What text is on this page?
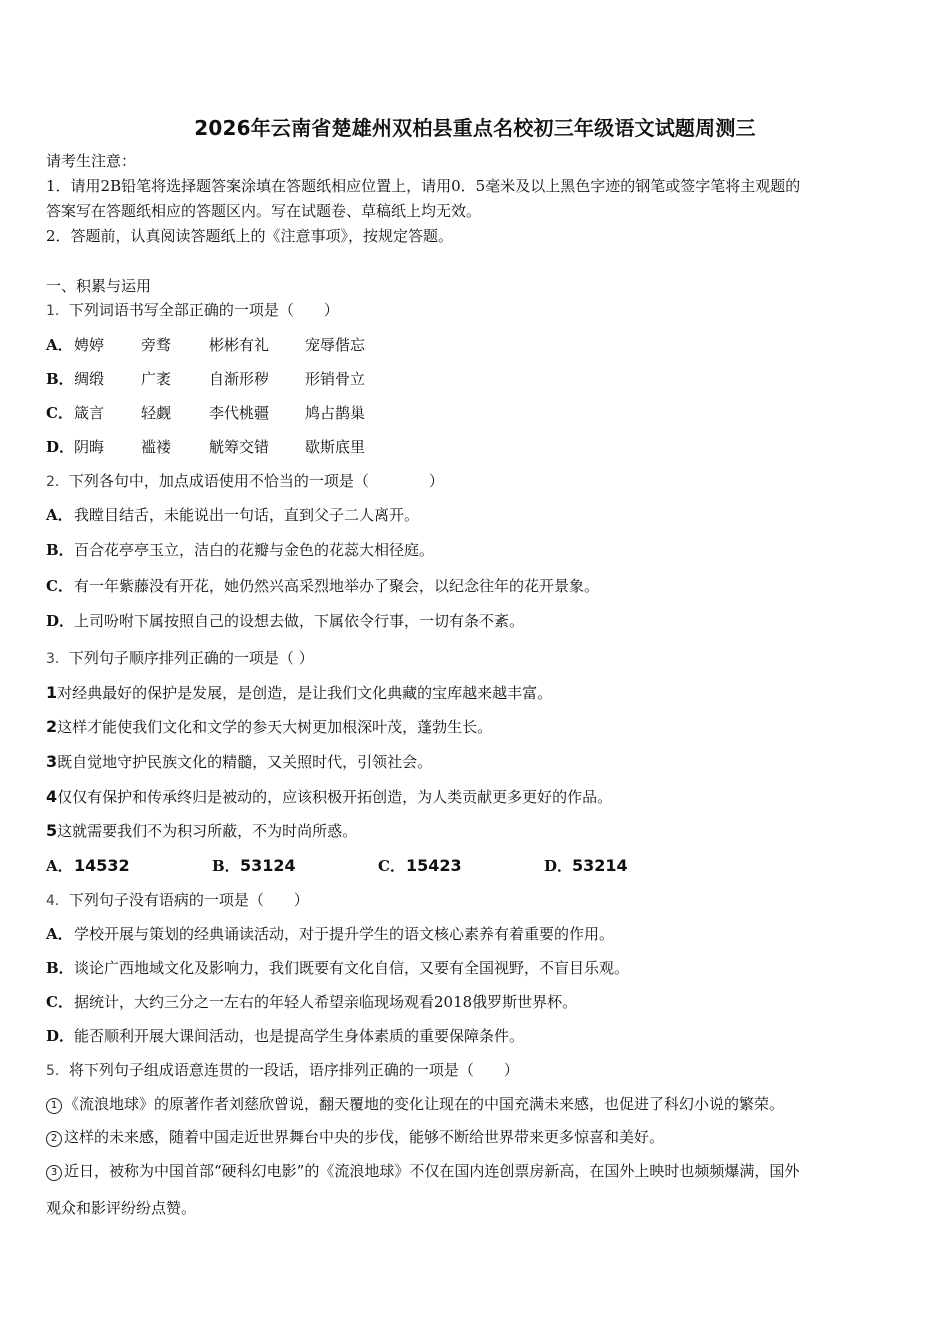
2026年云南省楚雄州双柏县重点名校初三年级语文试题周测三
请考生注意：
1．请用2B铅笔将选择题答案涂填在答题纸相应位置上，请用0．5毫米及以上黑色字迹的钢笔或签字笔将主观题的
答案写在答题纸相应的答题区内。写在试题卷、草稿纸上均无效。
2．答题前，认真阅读答题纸上的《注意事项》，按规定答题。
一、积累与运用
1．下列词语书写全部正确的一项是（　　）
A．娉婷 旁骛	彬彬有礼 宠辱偕忘
B．绸缎 广袤	自渐形秽 形销骨立
C．箴言 轻觑	李代桃疆 鸠占鹊巢
D．阴晦 褴褛	觥筹交错 歇斯底里
2．下列各句中，加点成语使用不恰当的一项是（　　　　）
A．我瞠目结舌，未能说出一句话，直到父子二人离开。
B．百合花亭亭玉立，洁白的花瓣与金色的花蕊大相径庭。
C．有一年紫藤没有开花，她仍然兴高采烈地举办了聚会，以纪念往年的花开景象。
D．上司吩咐下属按照自己的设想去做，下属依令行事，一切有条不紊。
3．下列句子顺序排列正确的一项是（ ）
1对经典最好的保护是发展，是创造，是让我们文化典藏的宝库越来越丰富。
2这样才能使我们文化和文学的参天大树更加根深叶茂，蓬勃生长。
3既自觉地守护民族文化的精髓，又关照时代，引领社会。
4仅仅有保护和传承终归是被动的，应该积极开拓创造，为人类贡献更多更好的作品。
5这就需要我们不为积习所蔽，不为时尚所惑。
A．14532	B．53124	C．15423	D．53214
4．下列句子没有语病的一项是（　　）
A．学校开展与策划的经典诵读活动，对于提升学生的语文核心素养有着重要的作用。
B．谈论广西地域文化及影响力，我们既要有文化自信，又要有全国视野，不盲目乐观。
C．据统计，大约三分之一左右的年轻人希望亲临现场观看2018俄罗斯世界杯。
D．能否顺利开展大课间活动，也是提高学生身体素质的重要保障条件。
5．将下列句子组成语意连贯的一段话，语序排列正确的一项是（　　）
1 《流浪地球》的原著作者刘慈欣曾说，翻天覆地的变化让现在的中国充满未来感，也促进了科幻小说的繁荣。
2 这样的未来感，随着中国走近世界舞台中央的步伐，能够不断给世界带来更多惊喜和美好。
3 近日，被称为中国首部“硬科幻电影”的《流浪地球》不仅在国内连创票房新高，在国外上映时也频频爆满，国外
观众和影评纷纷点赞。
